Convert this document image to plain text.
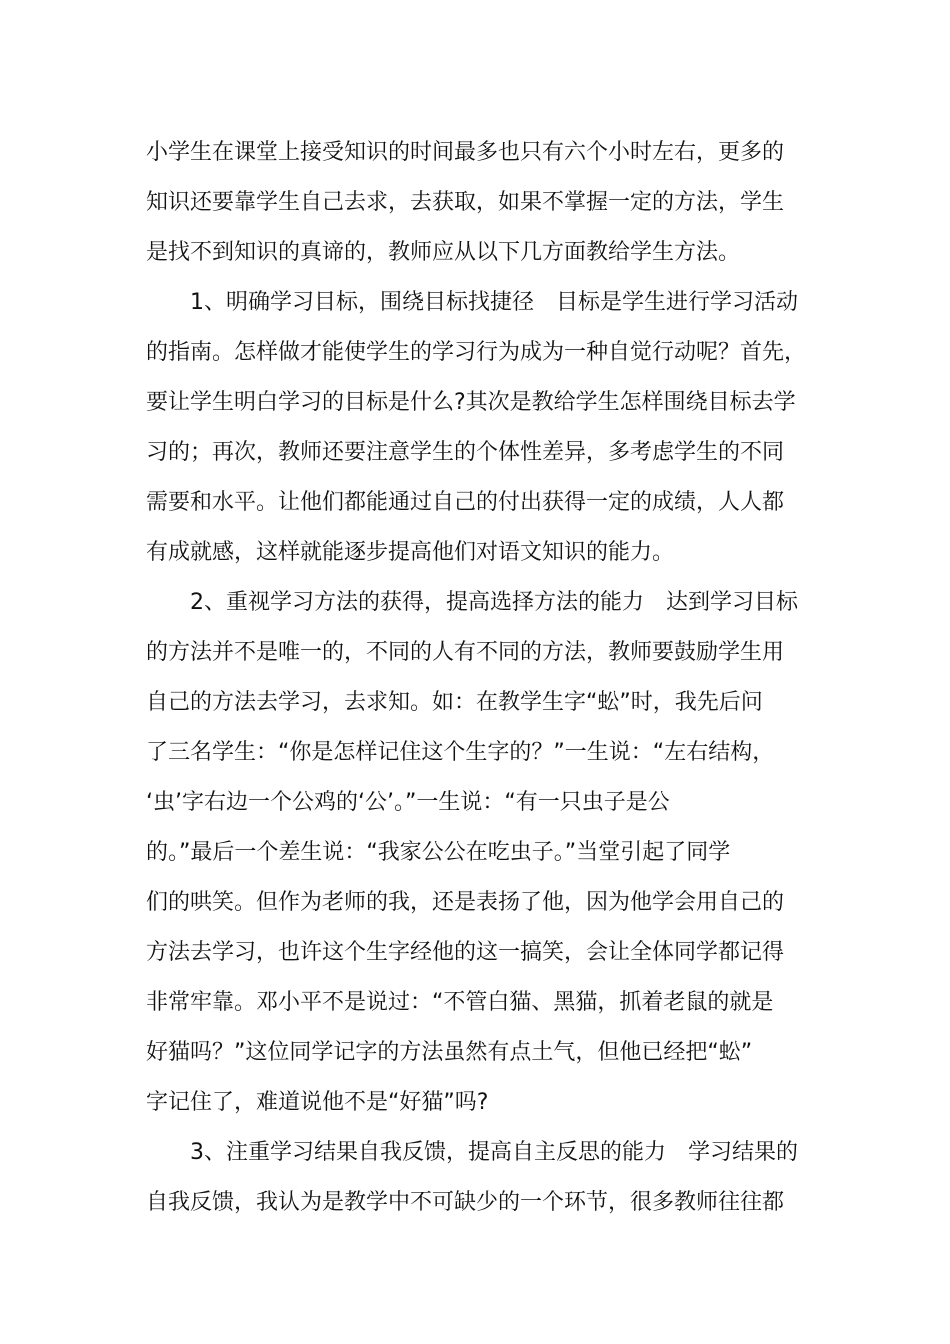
小学生在课堂上接受知识的时间最多也只有六个小时左右，更多的
知识还要靠学生自己去求，去获取，如果不掌握一定的方法，学生
是找不到知识的真谛的，教师应从以下几方面教给学生方法。
1、明确学习目标，围绕目标找捷径　目标是学生进行学习活动
的指南。怎样做才能使学生的学习行为成为一种自觉行动呢？首先，
要让学生明白学习的目标是什么?其次是教给学生怎样围绕目标去学
习的；再次，教师还要注意学生的个体性差异，多考虑学生的不同
需要和水平。让他们都能通过自己的付出获得一定的成绩，人人都
有成就感，这样就能逐步提高他们对语文知识的能力。
2、重视学习方法的获得，提高选择方法的能力　达到学习目标
的方法并不是唯一的，不同的人有不同的方法，教师要鼓励学生用
自己的方法去学习，去求知。如：在教学生字“蚣”时，我先后问
了三名学生：“你是怎样记住这个生字的？”一生说：“左右结构，
‘虫’字右边一个公鸡的‘公’。”一生说：“有一只虫子是公
的。”最后一个差生说：“我家公公在吃虫子。”当堂引起了同学
们的哄笑。但作为老师的我，还是表扬了他，因为他学会用自己的
方法去学习，也许这个生字经他的这一搞笑，会让全体同学都记得
非常牢靠。邓小平不是说过：“不管白猫、黑猫，抓着老鼠的就是
好猫吗？”这位同学记字的方法虽然有点土气，但他已经把“蚣”
字记住了，难道说他不是“好猫”吗?
3、注重学习结果自我反馈，提高自主反思的能力　学习结果的
自我反馈，我认为是教学中不可缺少的一个环节，很多教师往往都
